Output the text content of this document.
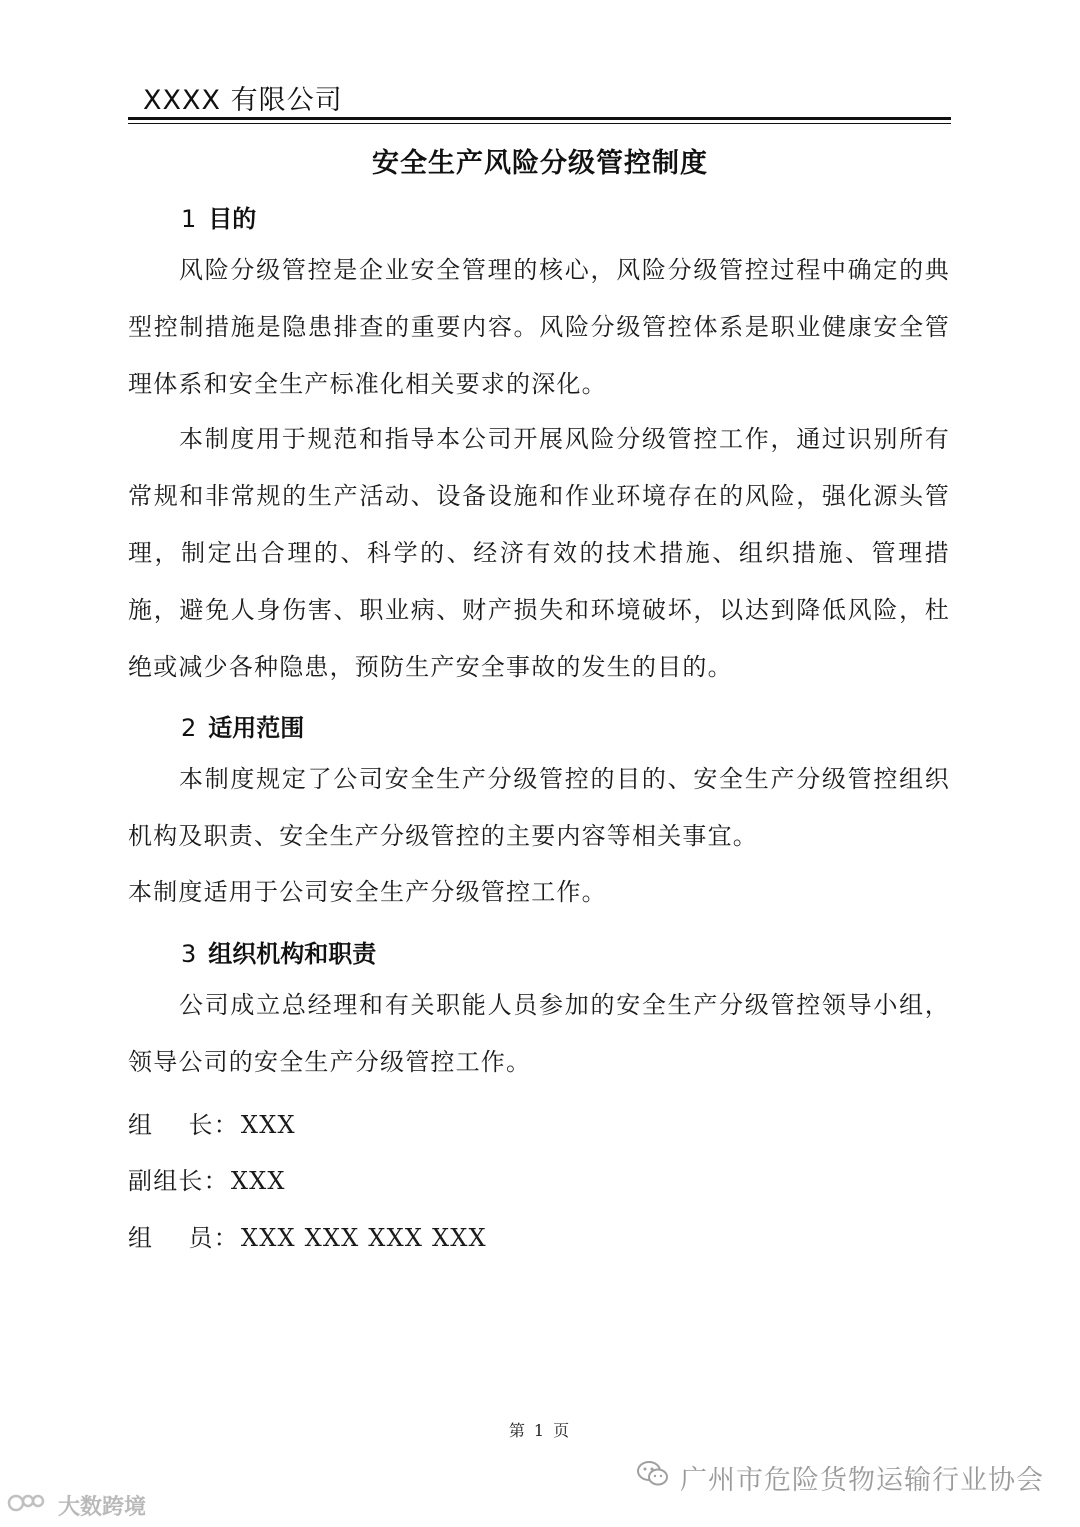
XXXX 有限公司
安全生产风险分级管控制度
1 目的
风险分级管控是企业安全管理的核心，风险分级管控过程中确定的典型控制措施是隐患排查的重要内容。风险分级管控体系是职业健康安全管理体系和安全生产标准化相关要求的深化。
本制度用于规范和指导本公司开展风险分级管控工作，通过识别所有常规和非常规的生产活动、设备设施和作业环境存在的风险，强化源头管理，制定出合理的、科学的、经济有效的技术措施、组织措施、管理措施，避免人身伤害、职业病、财产损失和环境破坏，以达到降低风险，杜绝或减少各种隐患，预防生产安全事故的发生的目的。
2 适用范围
本制度规定了公司安全生产分级管控的目的、安全生产分级管控组织机构及职责、安全生产分级管控的主要内容等相关事宜。
本制度适用于公司安全生产分级管控工作。
3 组织机构和职责
公司成立总经理和有关职能人员参加的安全生产分级管控领导小组，领导公司的安全生产分级管控工作。
组    长：XXX
副组长：XXX
组    员：XXX XXX XXX XXX
第 1 页
广州市危险货物运输行业协会
大数跨境
